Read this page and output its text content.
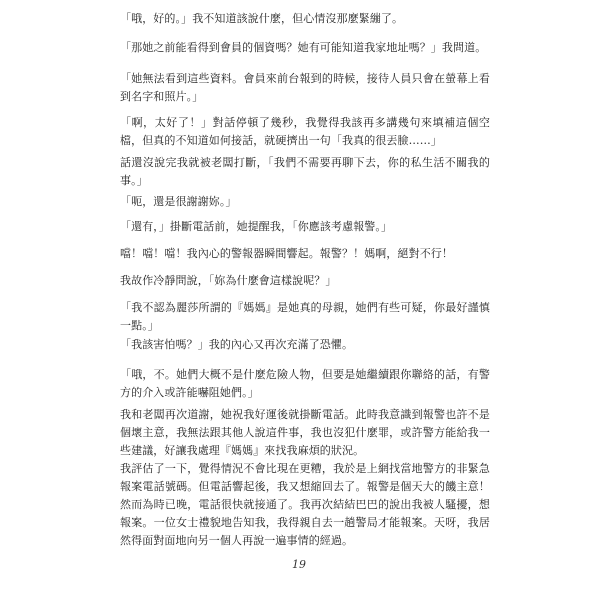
「哦，好的。」我不知道該說什麼，但心情沒那麼緊繃了。

「那她之前能看得到會員的個資嗎？她有可能知道我家地址嗎？」我問道。

「她無法看到這些資料。會員來前台報到的時候，接待人員只會在螢幕上看到名字和照片。」

「啊，太好了！」對話停頓了幾秒，我覺得我該再多講幾句來填補這個空檔，但真的不知道如何接話，就硬擠出一句「我真的很丟臉……」

話還沒說完我就被老闆打斷，「我們不需要再聊下去，你的私生活不關我的事。」

「呃，還是很謝謝妳。」

「還有，」掛斷電話前，她提醒我，「你應該考慮報警。」

噹！噹！噹！我內心的警報器瞬間響起。報警？！媽啊，絕對不行！

我故作冷靜問說，「妳為什麼會這樣說呢？」

「我不認為麗莎所謂的『媽媽』是她真的母親，她們有些可疑，你最好謹慎一點。」

「我該害怕嗎？」我的內心又再次充滿了恐懼。

「哦，不。她們大概不是什麼危險人物，但要是她繼續跟你聯絡的話，有警方的介入或許能嚇阻她們。」

我和老闆再次道謝，她祝我好運後就掛斷電話。此時我意識到報警也許不是個壞主意，我無法跟其他人說這件事，我也沒犯什麼罪，或許警方能給我一些建議，好讓我處理『媽媽』來找我麻煩的狀況。

我評估了一下，覺得情況不會比現在更糟，我於是上網找當地警方的非緊急報案電話號碼。但電話響起後，我又想縮回去了。報警是個天大的饑主意！然而為時已晚，電話很快就接通了。我再次結結巴巴的說出我被人騷擾，想報案。一位女士禮貌地告知我，我得親自去一趟警局才能報案。天呀，我居然得面對面地向另一個人再說一遍事情的經過。

19
